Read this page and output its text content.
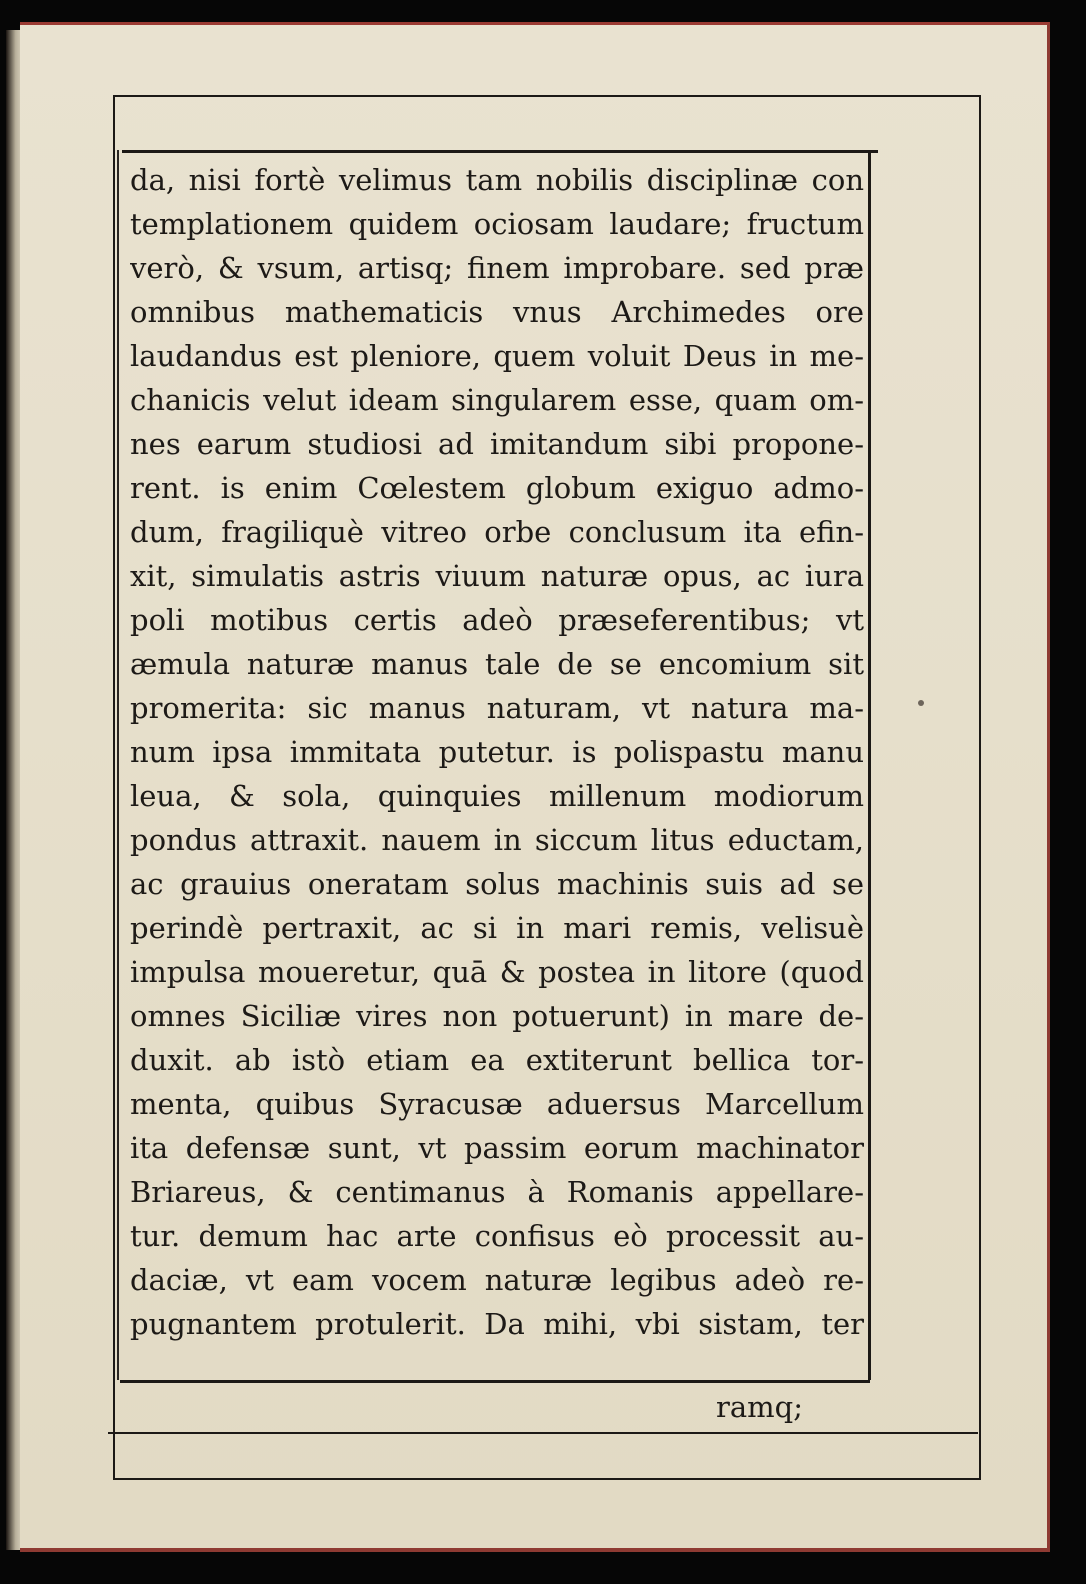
da, nisi fortè velimus tam nobilis disciplinæ con
templationem quidem ociosam laudare; fructum
verò, & vsum, artisq; finem improbare. sed præ
omnibus mathematicis vnus Archimedes ore
laudandus est pleniore, quem voluit Deus in me-
chanicis velut ideam singularem esse, quam om-
nes earum studiosi ad imitandum sibi propone-
rent. is enim Cœlestem globum exiguo admo-
dum, fragiliquè vitreo orbe conclusum ita efin-
xit, simulatis astris viuum naturæ opus, ac iura
poli motibus certis adeò præseferentibus; vt
æmula naturæ manus tale de se encomium sit
promerita: sic manus naturam, vt natura ma-
num ipsa immitata putetur. is polispastu manu
leua, & sola, quinquies millenum modiorum
pondus attraxit. nauem in siccum litus eductam,
ac grauius oneratam solus machinis suis ad se
perindè pertraxit, ac si in mari remis, velisuè
impulsa moueretur, quā & postea in litore (quod
omnes Siciliæ vires non potuerunt) in mare de-
duxit. ab istò etiam ea extiterunt bellica tor-
menta, quibus Syracusæ aduersus Marcellum
ita defensæ sunt, vt passim eorum machinator
Briareus, & centimanus à Romanis appellare-
tur. demum hac arte confisus eò processit au-
daciæ, vt eam vocem naturæ legibus adeò re-
pugnantem protulerit. Da mihi, vbi sistam, ter
ramq;
